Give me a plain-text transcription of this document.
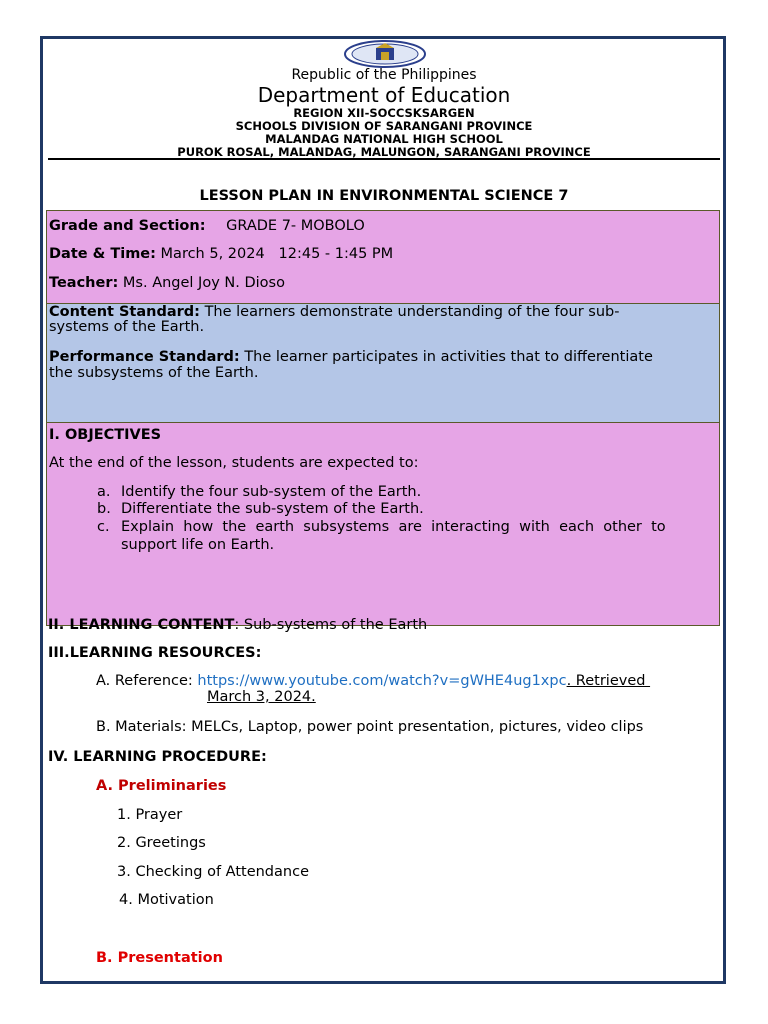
Republic of the Philippines
Department of Education
REGION XII-SOCCSKSARGEN
SCHOOLS DIVISION OF SARANGANI PROVINCE
MALANDAG NATIONAL HIGH SCHOOL
PUROK ROSAL, MALANDAG, MALUNGON, SARANGANI PROVINCE
LESSON PLAN IN ENVIRONMENTAL SCIENCE 7
Grade and Section: GRADE 7- MOBOLO
Date & Time: March 5, 2024   12:45 - 1:45 PM
Teacher: Ms. Angel Joy N. Dioso
Content Standard: The learners demonstrate understanding of the four sub-
systems of the Earth.
Performance Standard: The learner participates in activities that to differentiate
the subsystems of the Earth.
I. OBJECTIVES
At the end of the lesson, students are expected to:
a. Identify the four sub-system of the Earth.
b. Differentiate the sub-system of the Earth.
c. Explain  how  the  earth  subsystems  are  interacting  with  each  other  to
support life on Earth.
II. LEARNING CONTENT: Sub-systems of the Earth
III.LEARNING RESOURCES:
A. Reference: https://www.youtube.com/watch?v=gWHE4ug1xpc. Retrieved
March 3, 2024.
B. Materials: MELCs, Laptop, power point presentation, pictures, video clips
IV. LEARNING PROCEDURE:
A. Preliminaries
1. Prayer
2. Greetings
3. Checking of Attendance
4. Motivation
B. Presentation
